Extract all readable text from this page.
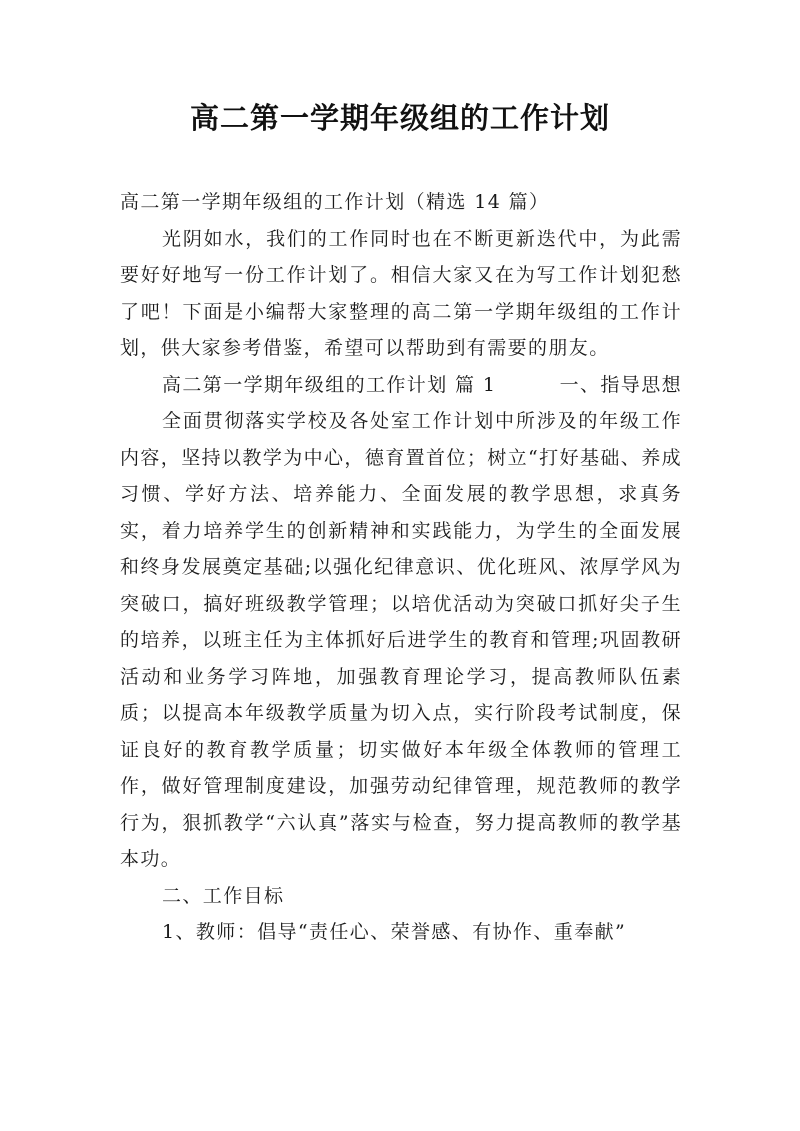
高二第一学期年级组的工作计划

高二第一学期年级组的工作计划（精选 14 篇）

光阴如水，我们的工作同时也在不断更新迭代中，为此需要好好地写一份工作计划了。相信大家又在为写工作计划犯愁了吧！下面是小编帮大家整理的高二第一学期年级组的工作计划，供大家参考借鉴，希望可以帮助到有需要的朋友。

高二第一学期年级组的工作计划 篇 1	一、指导思想

全面贯彻落实学校及各处室工作计划中所涉及的年级工作内容，坚持以教学为中心，德育置首位；树立“打好基础、养成习惯、学好方法、培养能力、全面发展的教学思想，求真务实，着力培养学生的创新精神和实践能力，为学生的全面发展和终身发展奠定基础;以强化纪律意识、优化班风、浓厚学风为突破口，搞好班级教学管理；以培优活动为突破口抓好尖子生的培养，以班主任为主体抓好后进学生的教育和管理;巩固教研活动和业务学习阵地，加强教育理论学习，提高教师队伍素质；以提高本年级教学质量为切入点，实行阶段考试制度，保证良好的教育教学质量；切实做好本年级全体教师的管理工作，做好管理制度建设，加强劳动纪律管理，规范教师的教学行为，狠抓教学“六认真”落实与检查，努力提高教师的教学基本功。

二、工作目标

1、教师：倡导“责任心、荣誉感、有协作、重奉献”
